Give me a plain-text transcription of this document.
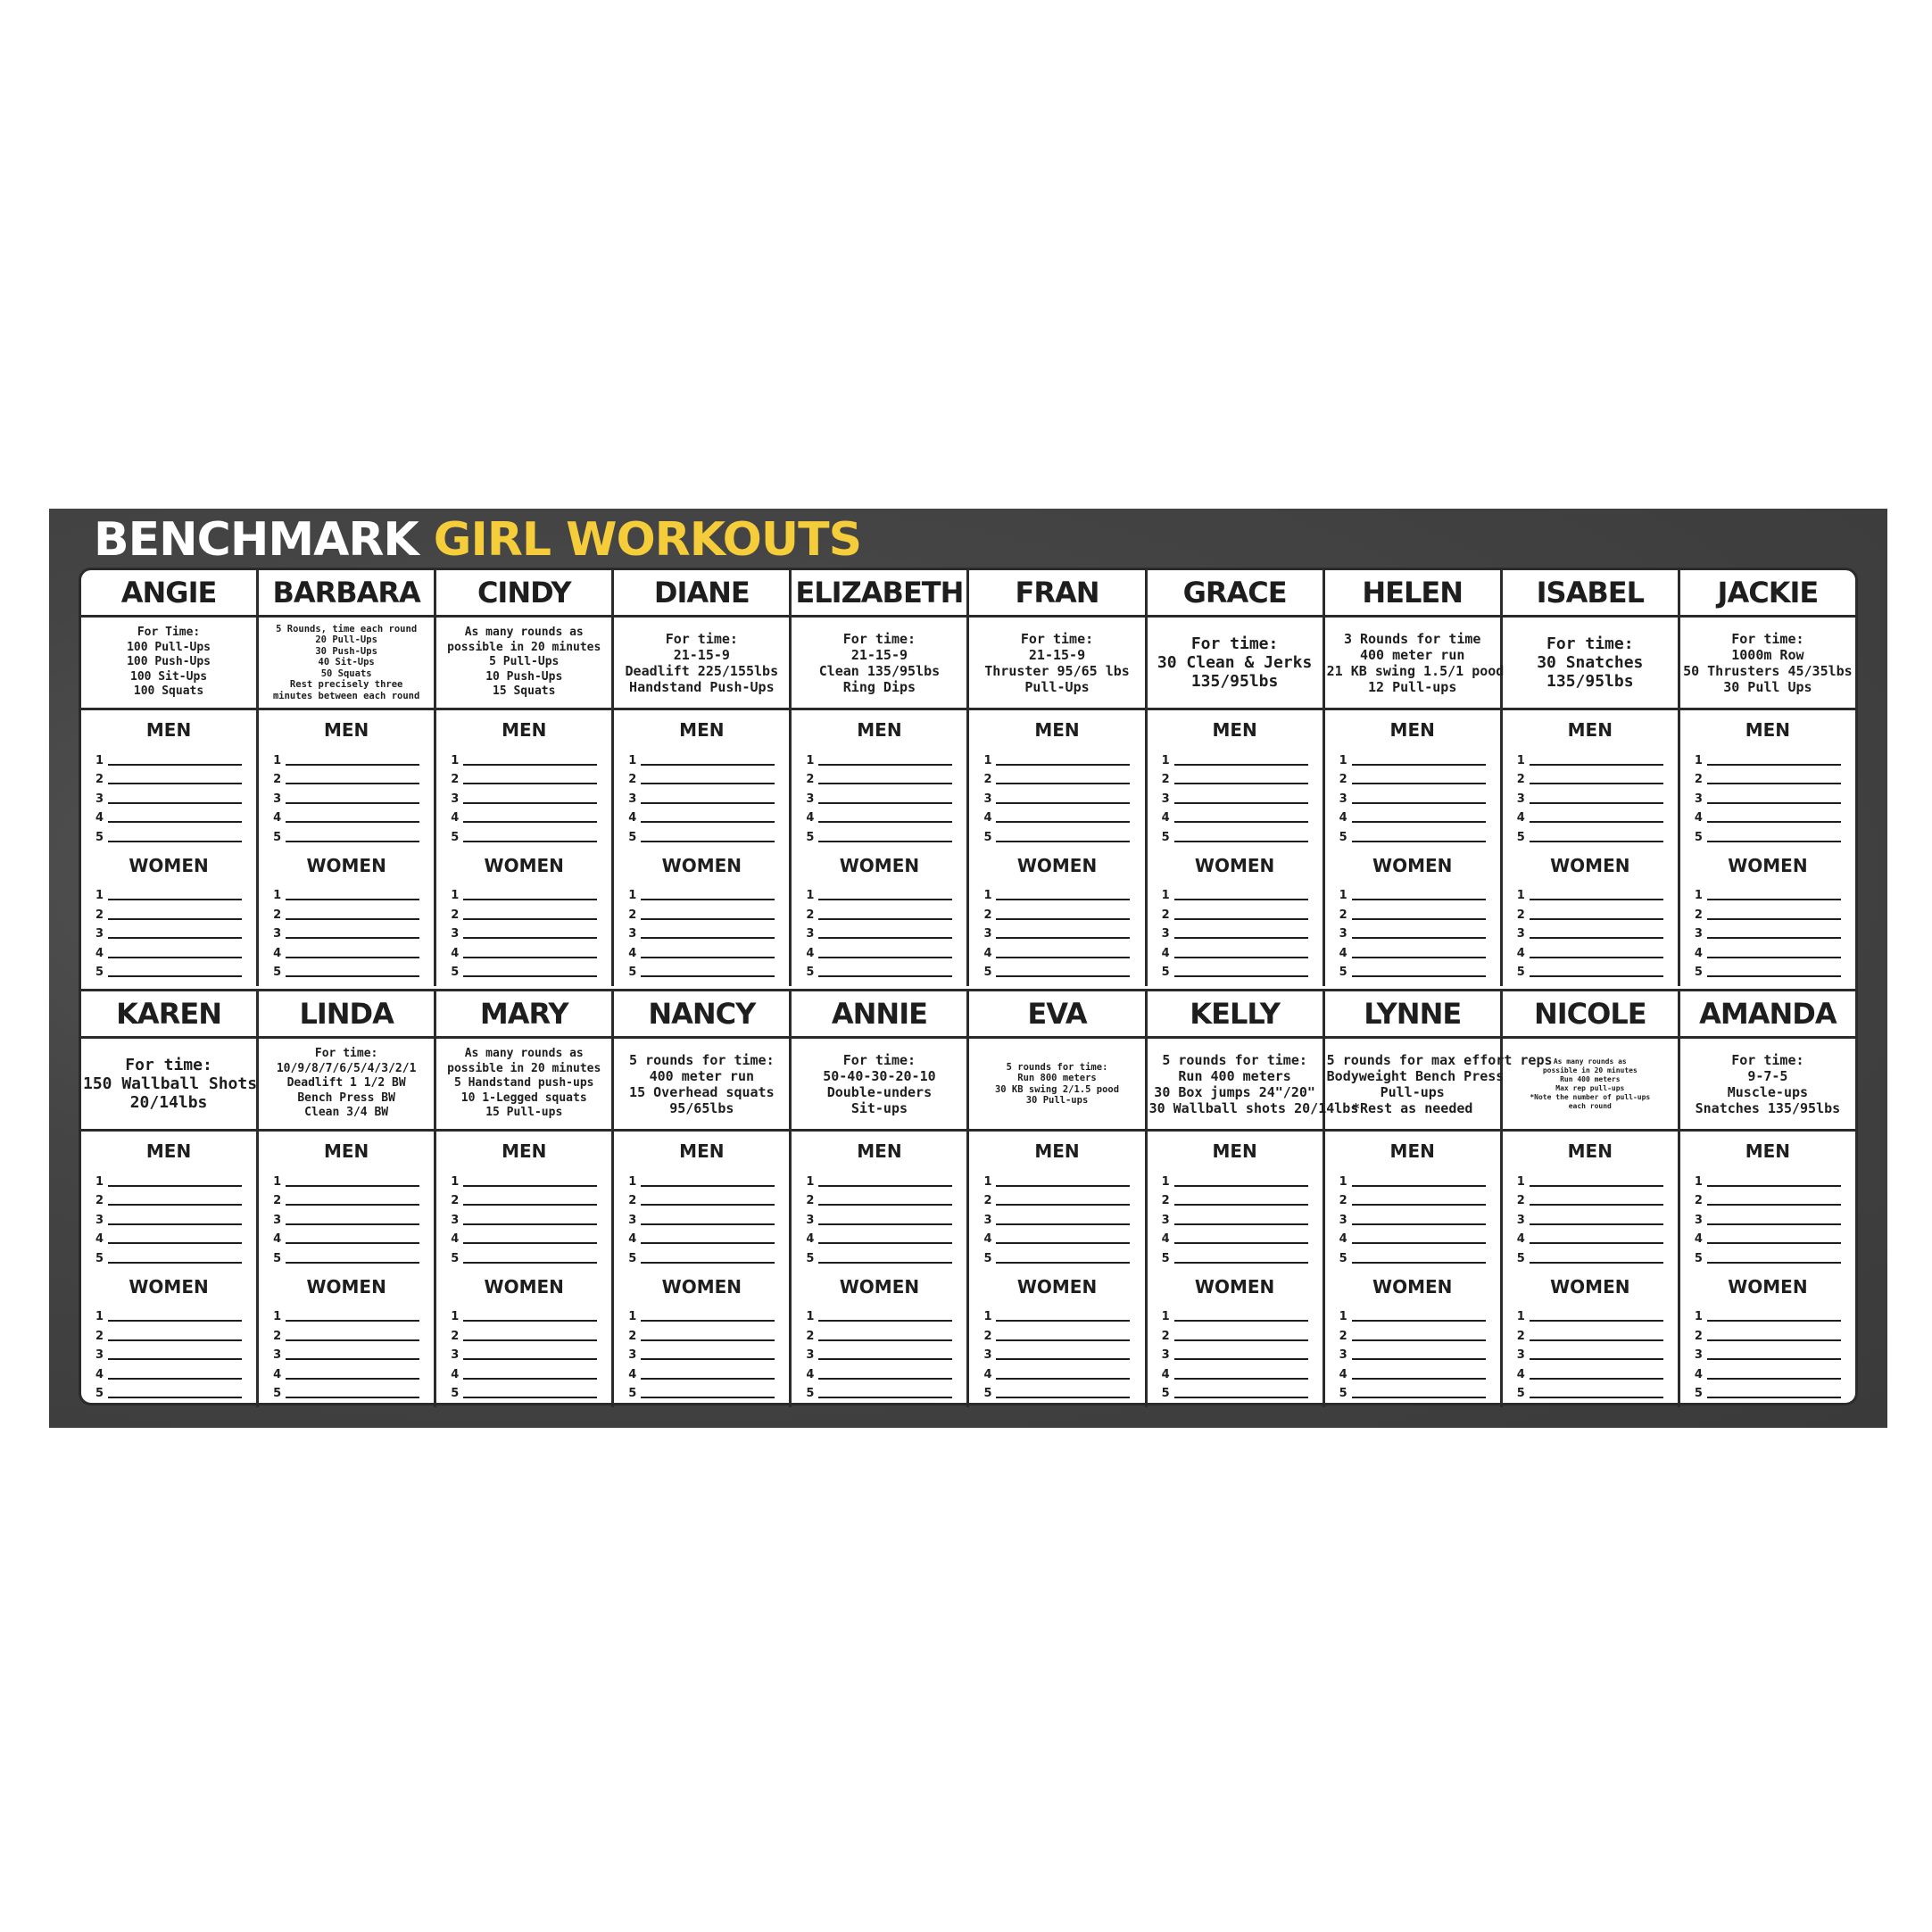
BENCHMARK GIRL WORKOUTS
ANGIE
For Time:
100 Pull-Ups
100 Push-Ups
100 Sit-Ups
100 Squats
MEN
1
2
3
4
5
WOMEN
1
2
3
4
5
BARBARA
5 Rounds, time each round
20 Pull-Ups
30 Push-Ups
40 Sit-Ups
50 Squats
Rest precisely three
minutes between each round
MEN
1
2
3
4
5
WOMEN
1
2
3
4
5
CINDY
As many rounds as
possible in 20 minutes
5 Pull-Ups
10 Push-Ups
15 Squats
MEN
1
2
3
4
5
WOMEN
1
2
3
4
5
DIANE
For time:
21-15-9
Deadlift 225/155lbs
Handstand Push-Ups
MEN
1
2
3
4
5
WOMEN
1
2
3
4
5
ELIZABETH
For time:
21-15-9
Clean 135/95lbs
Ring Dips
MEN
1
2
3
4
5
WOMEN
1
2
3
4
5
FRAN
For time:
21-15-9
Thruster 95/65 lbs
Pull-Ups
MEN
1
2
3
4
5
WOMEN
1
2
3
4
5
GRACE
For time:
30 Clean & Jerks
135/95lbs
MEN
1
2
3
4
5
WOMEN
1
2
3
4
5
HELEN
3 Rounds for time
400 meter run
21 KB swing 1.5/1 pood
12 Pull-ups
MEN
1
2
3
4
5
WOMEN
1
2
3
4
5
ISABEL
For time:
30 Snatches
135/95lbs
MEN
1
2
3
4
5
WOMEN
1
2
3
4
5
JACKIE
For time:
1000m Row
50 Thrusters 45/35lbs
30 Pull Ups
MEN
1
2
3
4
5
WOMEN
1
2
3
4
5
KAREN
For time:
150 Wallball Shots
20/14lbs
MEN
1
2
3
4
5
WOMEN
1
2
3
4
5
LINDA
For time:
10/9/8/7/6/5/4/3/2/1
Deadlift 1 1/2 BW
Bench Press BW
Clean 3/4 BW
MEN
1
2
3
4
5
WOMEN
1
2
3
4
5
MARY
As many rounds as
possible in 20 minutes
5 Handstand push-ups
10 1-Legged squats
15 Pull-ups
MEN
1
2
3
4
5
WOMEN
1
2
3
4
5
NANCY
5 rounds for time:
400 meter run
15 Overhead squats
95/65lbs
MEN
1
2
3
4
5
WOMEN
1
2
3
4
5
ANNIE
For time:
50-40-30-20-10
Double-unders
Sit-ups
MEN
1
2
3
4
5
WOMEN
1
2
3
4
5
EVA
5 rounds for time:
Run 800 meters
30 KB swing 2/1.5 pood
30 Pull-ups
MEN
1
2
3
4
5
WOMEN
1
2
3
4
5
KELLY
5 rounds for time:
Run 400 meters
30 Box jumps 24"/20"
30 Wallball shots 20/14lbs
MEN
1
2
3
4
5
WOMEN
1
2
3
4
5
LYNNE
5 rounds for max effort reps
Bodyweight Bench Press
Pull-ups
*Rest as needed
MEN
1
2
3
4
5
WOMEN
1
2
3
4
5
NICOLE
As many rounds as
possible in 20 minutes
Run 400 meters
Max rep pull-ups
*Note the number of pull-ups
each round
MEN
1
2
3
4
5
WOMEN
1
2
3
4
5
AMANDA
For time:
9-7-5
Muscle-ups
Snatches 135/95lbs
MEN
1
2
3
4
5
WOMEN
1
2
3
4
5
